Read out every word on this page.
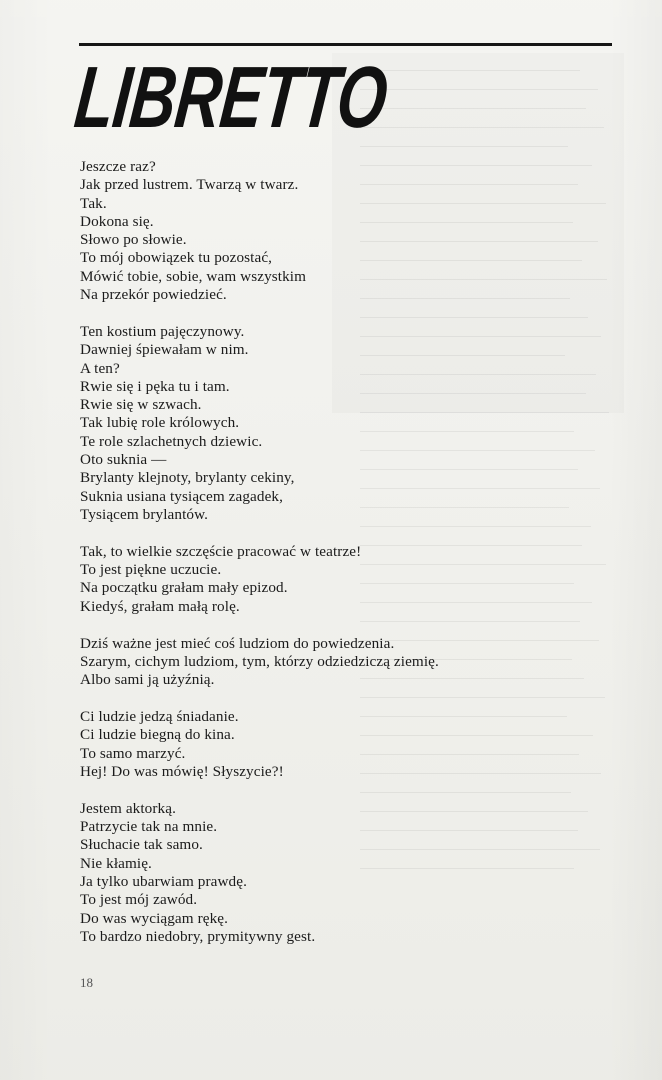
LIBRETTO
Jeszcze raz?
Jak przed lustrem. Twarzą w twarz.
Tak.
Dokona się.
Słowo po słowie.
To mój obowiązek tu pozostać,
Mówić tobie, sobie, wam wszystkim
Na przekór powiedzieć.
Ten kostium pajęczynowy.
Dawniej śpiewałam w nim.
A ten?
Rwie się i pęka tu i tam.
Rwie się w szwach.
Tak lubię role królowych.
Te role szlachetnych dziewic.
Oto suknia —
Brylanty klejnoty, brylanty cekiny,
Suknia usiana tysiącem zagadek,
Tysiącem brylantów.
Tak, to wielkie szczęście pracować w teatrze!
To jest piękne uczucie.
Na początku grałam mały epizod.
Kiedyś, grałam małą rolę.
Dziś ważne jest mieć coś ludziom do powiedzenia.
Szarym, cichym ludziom, tym, którzy odziedziczą ziemię.
Albo sami ją użyźnią.
Ci ludzie jedzą śniadanie.
Ci ludzie biegną do kina.
To samo marzyć.
Hej! Do was mówię! Słyszycie?!
Jestem aktorką.
Patrzycie tak na mnie.
Słuchacie tak samo.
Nie kłamię.
Ja tylko ubarwiam prawdę.
To jest mój zawód.
Do was wyciągam rękę.
To bardzo niedobry, prymitywny gest.
18
